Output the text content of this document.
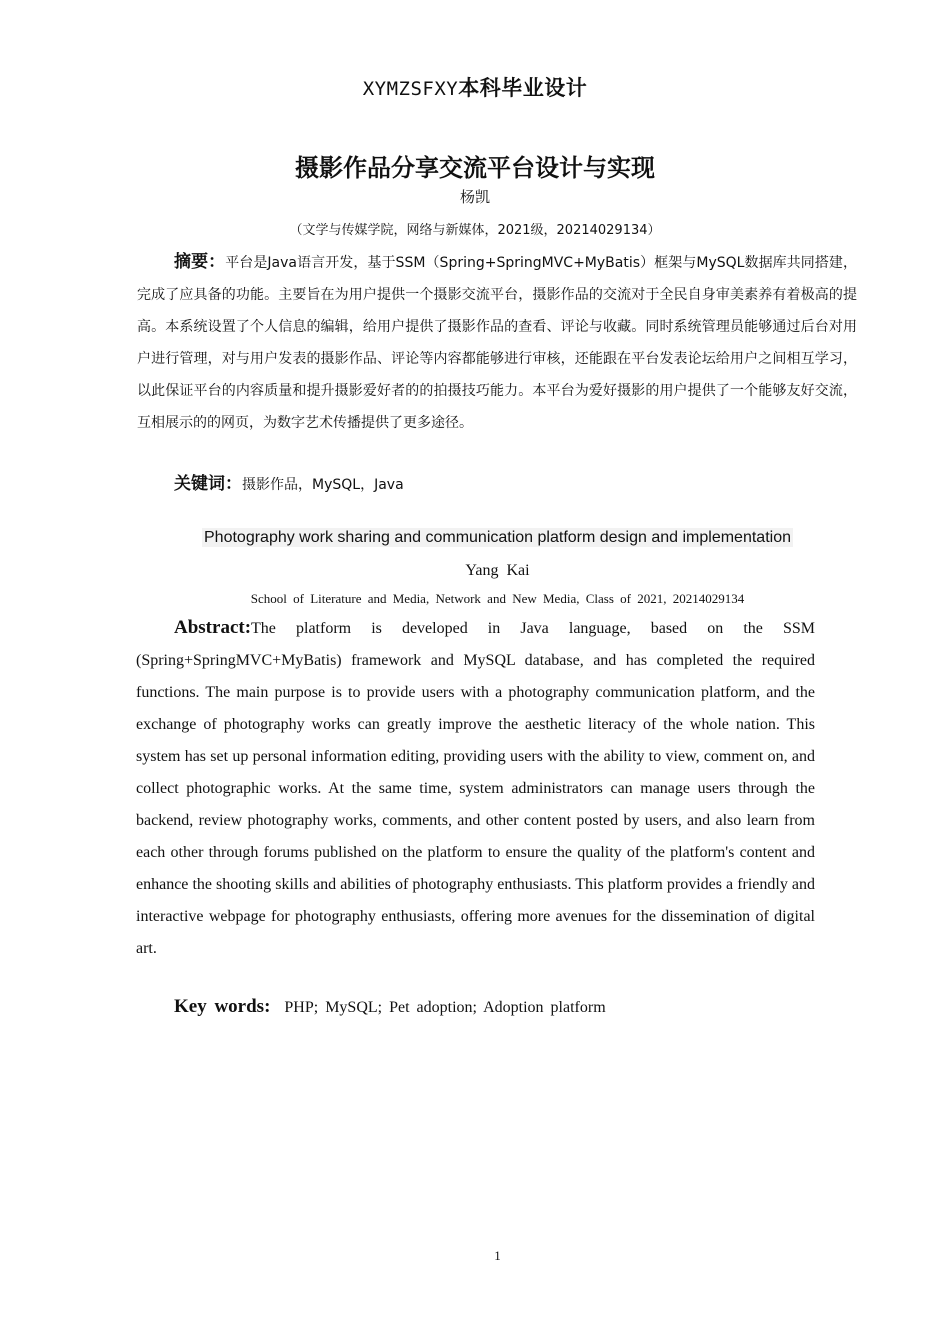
XYMZSFXY本科毕业设计
摄影作品分享交流平台设计与实现
杨凯
（文学与传媒学院，网络与新媒体，2021级，20214029134）
摘要：平台是Java语言开发，基于SSM（Spring+SpringMVC+MyBatis）框架与MySQL数据库共同搭建，完成了应具备的功能。主要旨在为用户提供一个摄影交流平台，摄影作品的交流对于全民自身审美素养有着极高的提高。本系统设置了个人信息的编辑，给用户提供了摄影作品的查看、评论与收藏。同时系统管理员能够通过后台对用户进行管理，对与用户发表的摄影作品、评论等内容都能够进行审核，还能跟在平台发表论坛给用户之间相互学习，以此保证平台的内容质量和提升摄影爱好者的的拍摄技巧能力。本平台为爱好摄影的用户提供了一个能够友好交流，互相展示的的网页，为数字艺术传播提供了更多途径。
关键词：摄影作品，MySQL，Java
Photography work sharing and communication platform design and implementation
Yang Kai
School of Literature and Media, Network and New Media, Class of 2021, 20214029134
Abstract:The platform is developed in Java language, based on the SSM (Spring+SpringMVC+MyBatis) framework and MySQL database, and has completed the required functions. The main purpose is to provide users with a photography communication platform, and the exchange of photography works can greatly improve the aesthetic literacy of the whole nation. This system has set up personal information editing, providing users with the ability to view, comment on, and collect photographic works. At the same time, system administrators can manage users through the backend, review photography works, comments, and other content posted by users, and also learn from each other through forums published on the platform to ensure the quality of the platform's content and enhance the shooting skills and abilities of photography enthusiasts. This platform provides a friendly and interactive webpage for photography enthusiasts, offering more avenues for the dissemination of digital art.
Key words: PHP; MySQL; Pet adoption; Adoption platform
1
